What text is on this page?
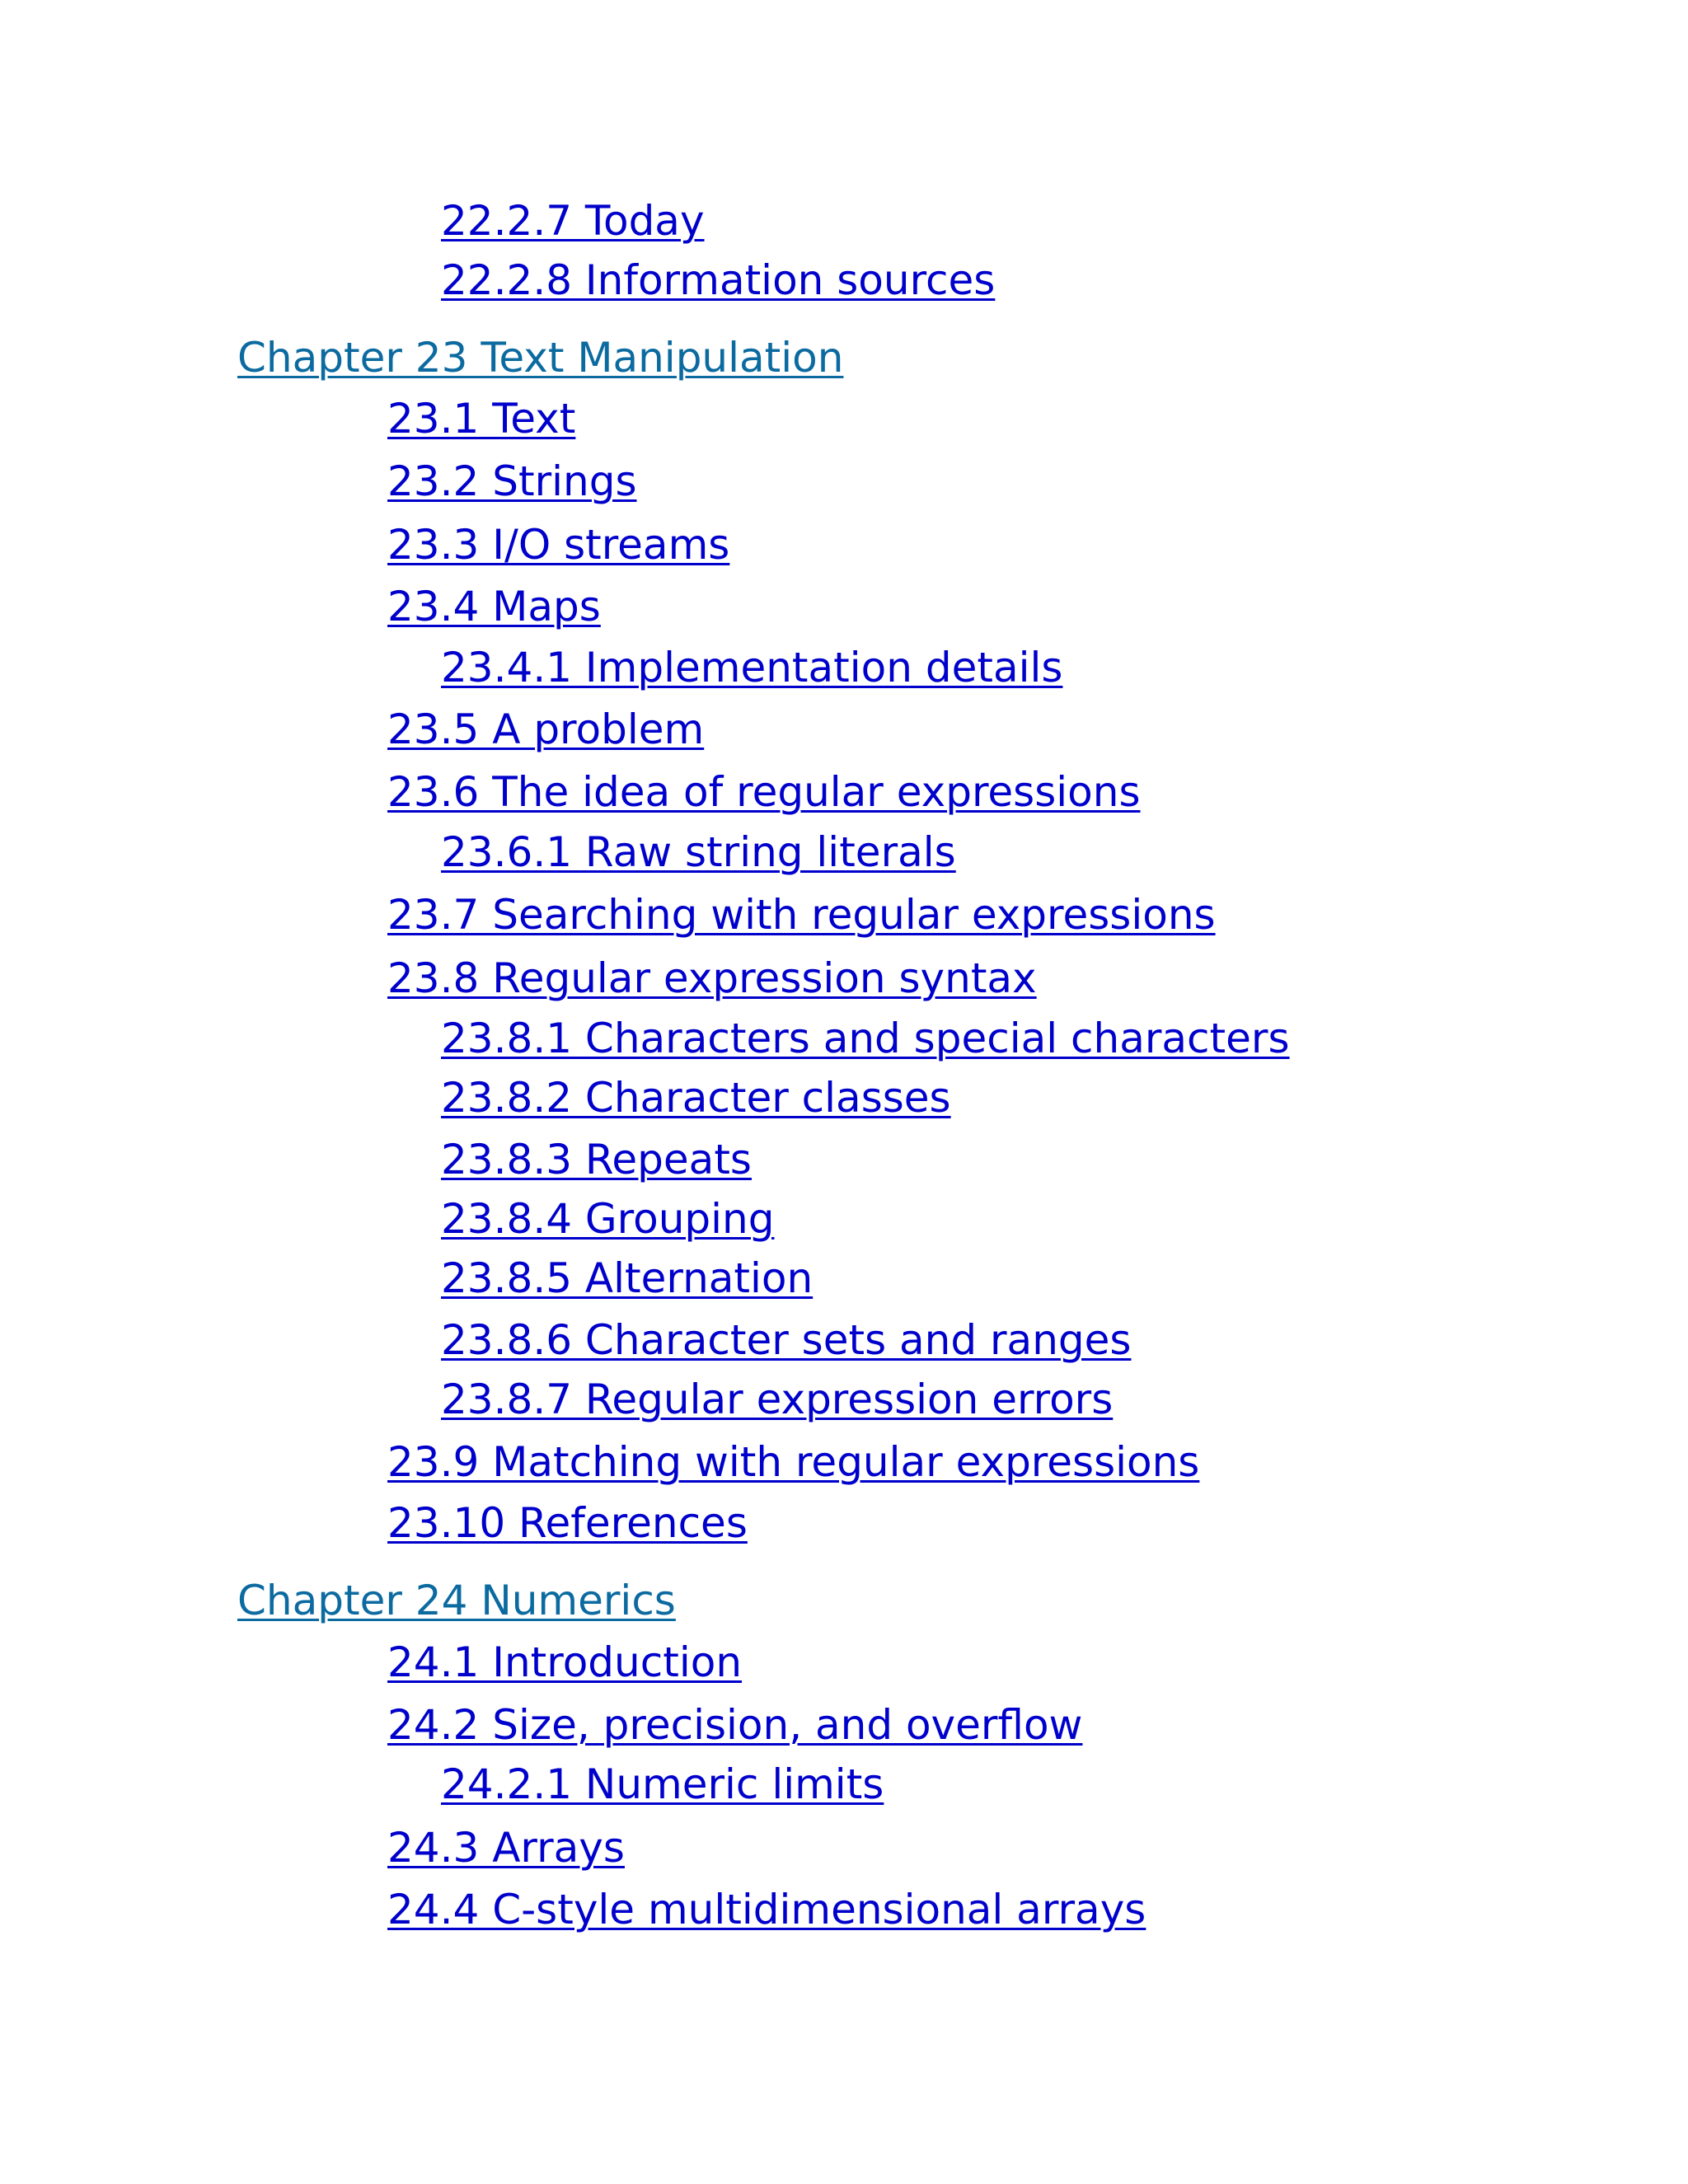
22.2.7 Today
22.2.8 Information sources
Chapter 23 Text Manipulation
23.1 Text
23.2 Strings
23.3 I/O streams
23.4 Maps
23.4.1 Implementation details
23.5 A problem
23.6 The idea of regular expressions
23.6.1 Raw string literals
23.7 Searching with regular expressions
23.8 Regular expression syntax
23.8.1 Characters and special characters
23.8.2 Character classes
23.8.3 Repeats
23.8.4 Grouping
23.8.5 Alternation
23.8.6 Character sets and ranges
23.8.7 Regular expression errors
23.9 Matching with regular expressions
23.10 References
Chapter 24 Numerics
24.1 Introduction
24.2 Size, precision, and overflow
24.2.1 Numeric limits
24.3 Arrays
24.4 C-style multidimensional arrays
